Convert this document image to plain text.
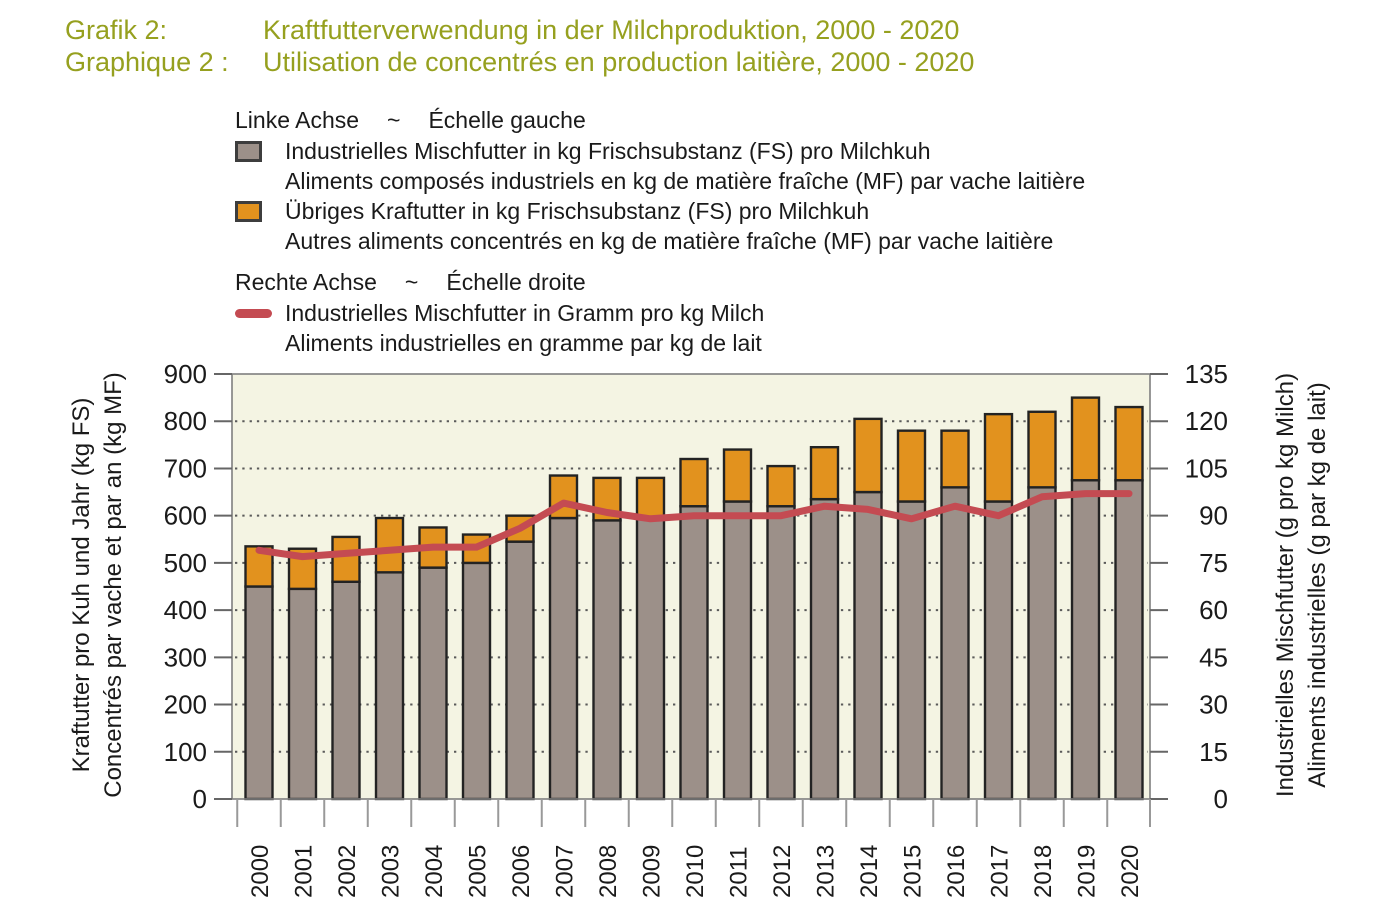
0
100
200
300
400
500
600
700
800
900
0
15
30
45
60
75
90
105
120
135
2000 2001 2002 2003 2004 2005 2006 2007 2008 2009 2010 2011 2012 2013 2014 2015 2016 2017 2018 2019 2020
Grafik 2:	Kraftfutterverwendung in der Milchproduktion, 2000 - 2020
Graphique 2 :	Utilisation de concentrés en production laitière, 2000 - 2020
Linke Achse ~ Échelle gauche
Industrielles Mischfutter in kg Frischsubstanz (FS) pro Milchkuh
Aliments composés industriels en kg de matière fraîche (MF) par vache laitière
Übriges Kraftutter in kg Frischsubstanz (FS) pro Milchkuh
Autres aliments concentrés en kg de matière fraîche (MF) par vache laitière
Rechte Achse ~ Échelle droite
Industrielles Mischfutter in Gramm pro kg Milch
Aliments industrielles en gramme par kg de lait
Kraftutter pro Kuh und Jahr (kg FS) Concentrés par vache et par an (kg MF)	Industrielles Mischfutter (g pro kg Milch) Aliments industrielles (g par kg de lait)
